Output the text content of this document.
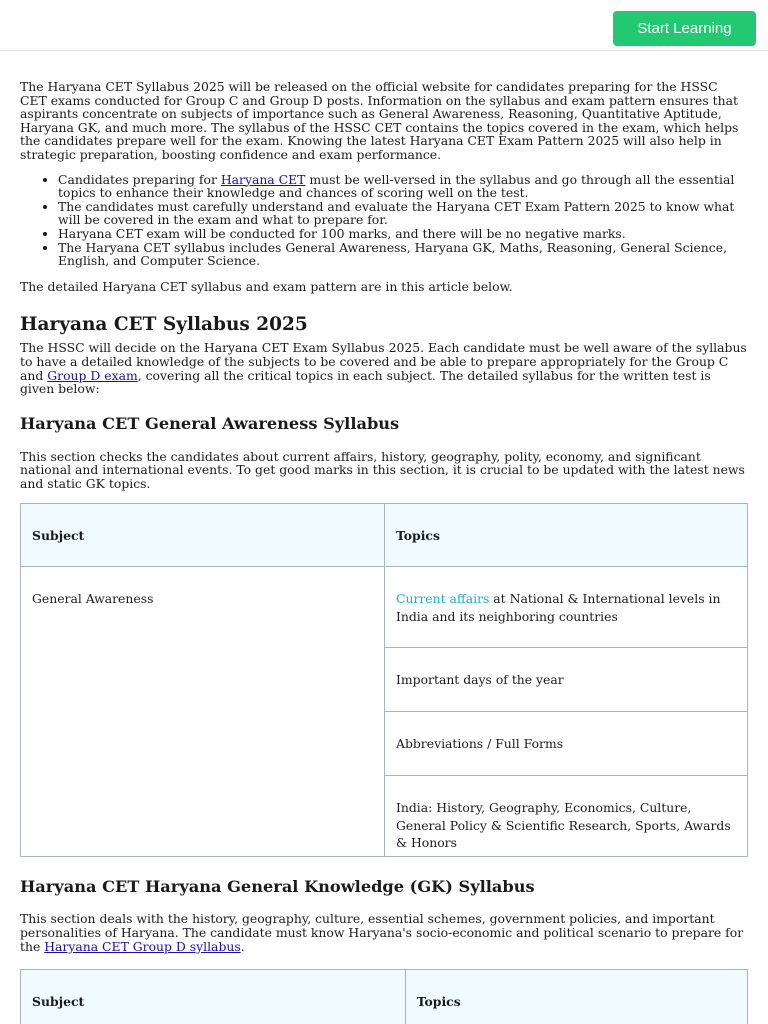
Start Learning

The Haryana CET Syllabus 2025 will be released on the official website for candidates preparing for the HSSC CET exams conducted for Group C and Group D posts. Information on the syllabus and exam pattern ensures that aspirants concentrate on subjects of importance such as General Awareness, Reasoning, Quantitative Aptitude, Haryana GK, and much more. The syllabus of the HSSC CET contains the topics covered in the exam, which helps the candidates prepare well for the exam. Knowing the latest Haryana CET Exam Pattern 2025 will also help in strategic preparation, boosting confidence and exam performance.

• Candidates preparing for Haryana CET must be well-versed in the syllabus and go through all the essential topics to enhance their knowledge and chances of scoring well on the test.
• The candidates must carefully understand and evaluate the Haryana CET Exam Pattern 2025 to know what will be covered in the exam and what to prepare for.
• Haryana CET exam will be conducted for 100 marks, and there will be no negative marks.
• The Haryana CET syllabus includes General Awareness, Haryana GK, Maths, Reasoning, General Science, English, and Computer Science.

The detailed Haryana CET syllabus and exam pattern are in this article below.

Haryana CET Syllabus 2025

The HSSC will decide on the Haryana CET Exam Syllabus 2025. Each candidate must be well aware of the syllabus to have a detailed knowledge of the subjects to be covered and be able to prepare appropriately for the Group C and Group D exam, covering all the critical topics in each subject. The detailed syllabus for the written test is given below:

Haryana CET General Awareness Syllabus

This section checks the candidates about current affairs, history, geography, polity, economy, and significant national and international events. To get good marks in this section, it is crucial to be updated with the latest news and static GK topics.

Subject	Topics
General Awareness	Current affairs at National & International levels in India and its neighboring countries
	Important days of the year
	Abbreviations / Full Forms
	India: History, Geography, Economics, Culture, General Policy & Scientific Research, Sports, Awards & Honors
Haryana CET Haryana General Knowledge (GK) Syllabus

This section deals with the history, geography, culture, essential schemes, government policies, and important personalities of Haryana. The candidate must know Haryana's socio-economic and political scenario to prepare for the Haryana CET Group D syllabus.

Subject	Topics
